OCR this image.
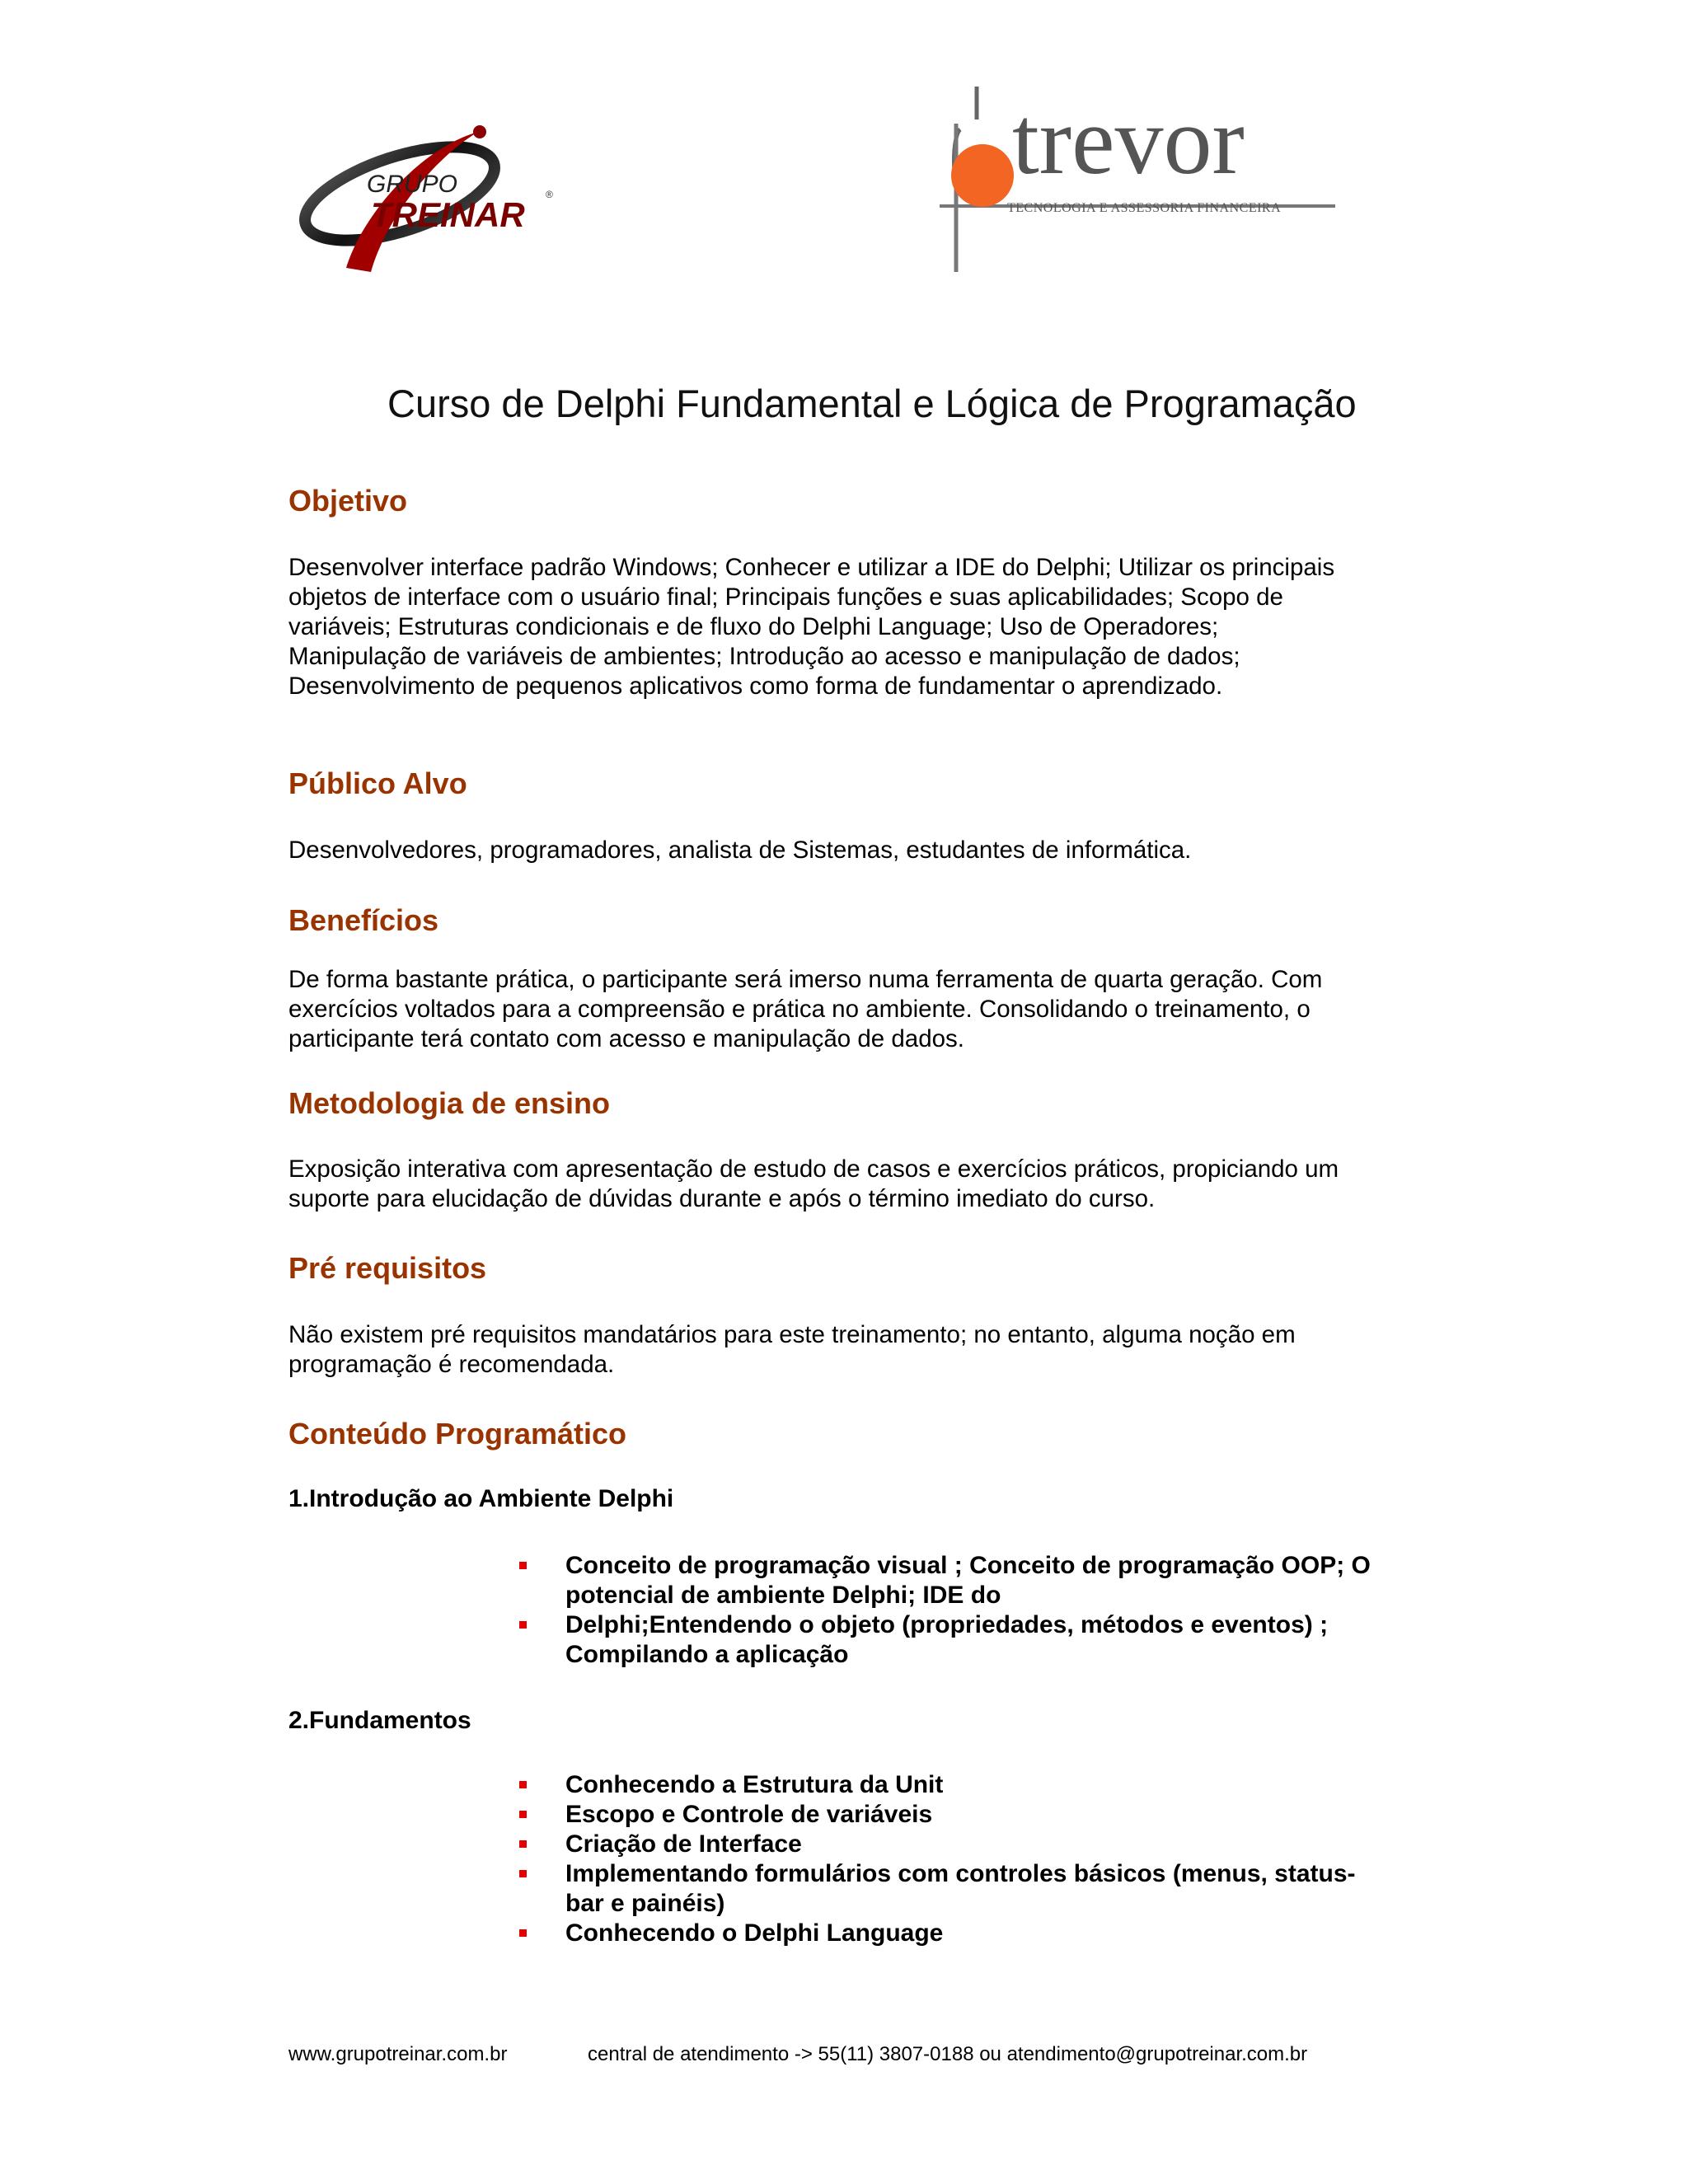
GRUPO
TREINAR
®	trevor
TECNOLOGIA E ASSESSORIA FINANCEIRA
Curso de Delphi Fundamental e Lógica de Programação
Objetivo
Desenvolver interface padrão Windows; Conhecer e utilizar a IDE do Delphi; Utilizar os principais
objetos de interface com o usuário final; Principais funções e suas aplicabilidades; Scopo de
variáveis; Estruturas condicionais e de fluxo do Delphi Language; Uso de Operadores;
Manipulação de variáveis de ambientes; Introdução ao acesso e manipulação de dados;
Desenvolvimento de pequenos aplicativos como forma de fundamentar o aprendizado.
Público Alvo
Desenvolvedores, programadores, analista de Sistemas, estudantes de informática.
Benefícios
De forma bastante prática, o participante será imerso numa ferramenta de quarta geração. Com
exercícios voltados para a compreensão e prática no ambiente. Consolidando o treinamento, o
participante terá contato com acesso e manipulação de dados.
Metodologia de ensino
Exposição interativa com apresentação de estudo de casos e exercícios práticos, propiciando um
suporte para elucidação de dúvidas durante e após o término imediato do curso.
Pré requisitos
Não existem pré requisitos mandatários para este treinamento; no entanto, alguma noção em
programação é recomendada.
Conteúdo Programático
1.Introdução ao Ambiente Delphi
Conceito de programação visual ; Conceito de programação OOP; O
potencial de ambiente Delphi; IDE do
Delphi;Entendendo o objeto (propriedades, métodos e eventos) ;
Compilando a aplicação
2.Fundamentos
Conhecendo a Estrutura da Unit
Escopo e Controle de variáveis
Criação de Interface
Implementando formulários com controles básicos (menus, status-
bar e painéis)
Conhecendo o Delphi Language
www.grupotreinar.com.br	central de atendimento -> 55(11) 3807-0188 ou atendimento@grupotreinar.com.br
